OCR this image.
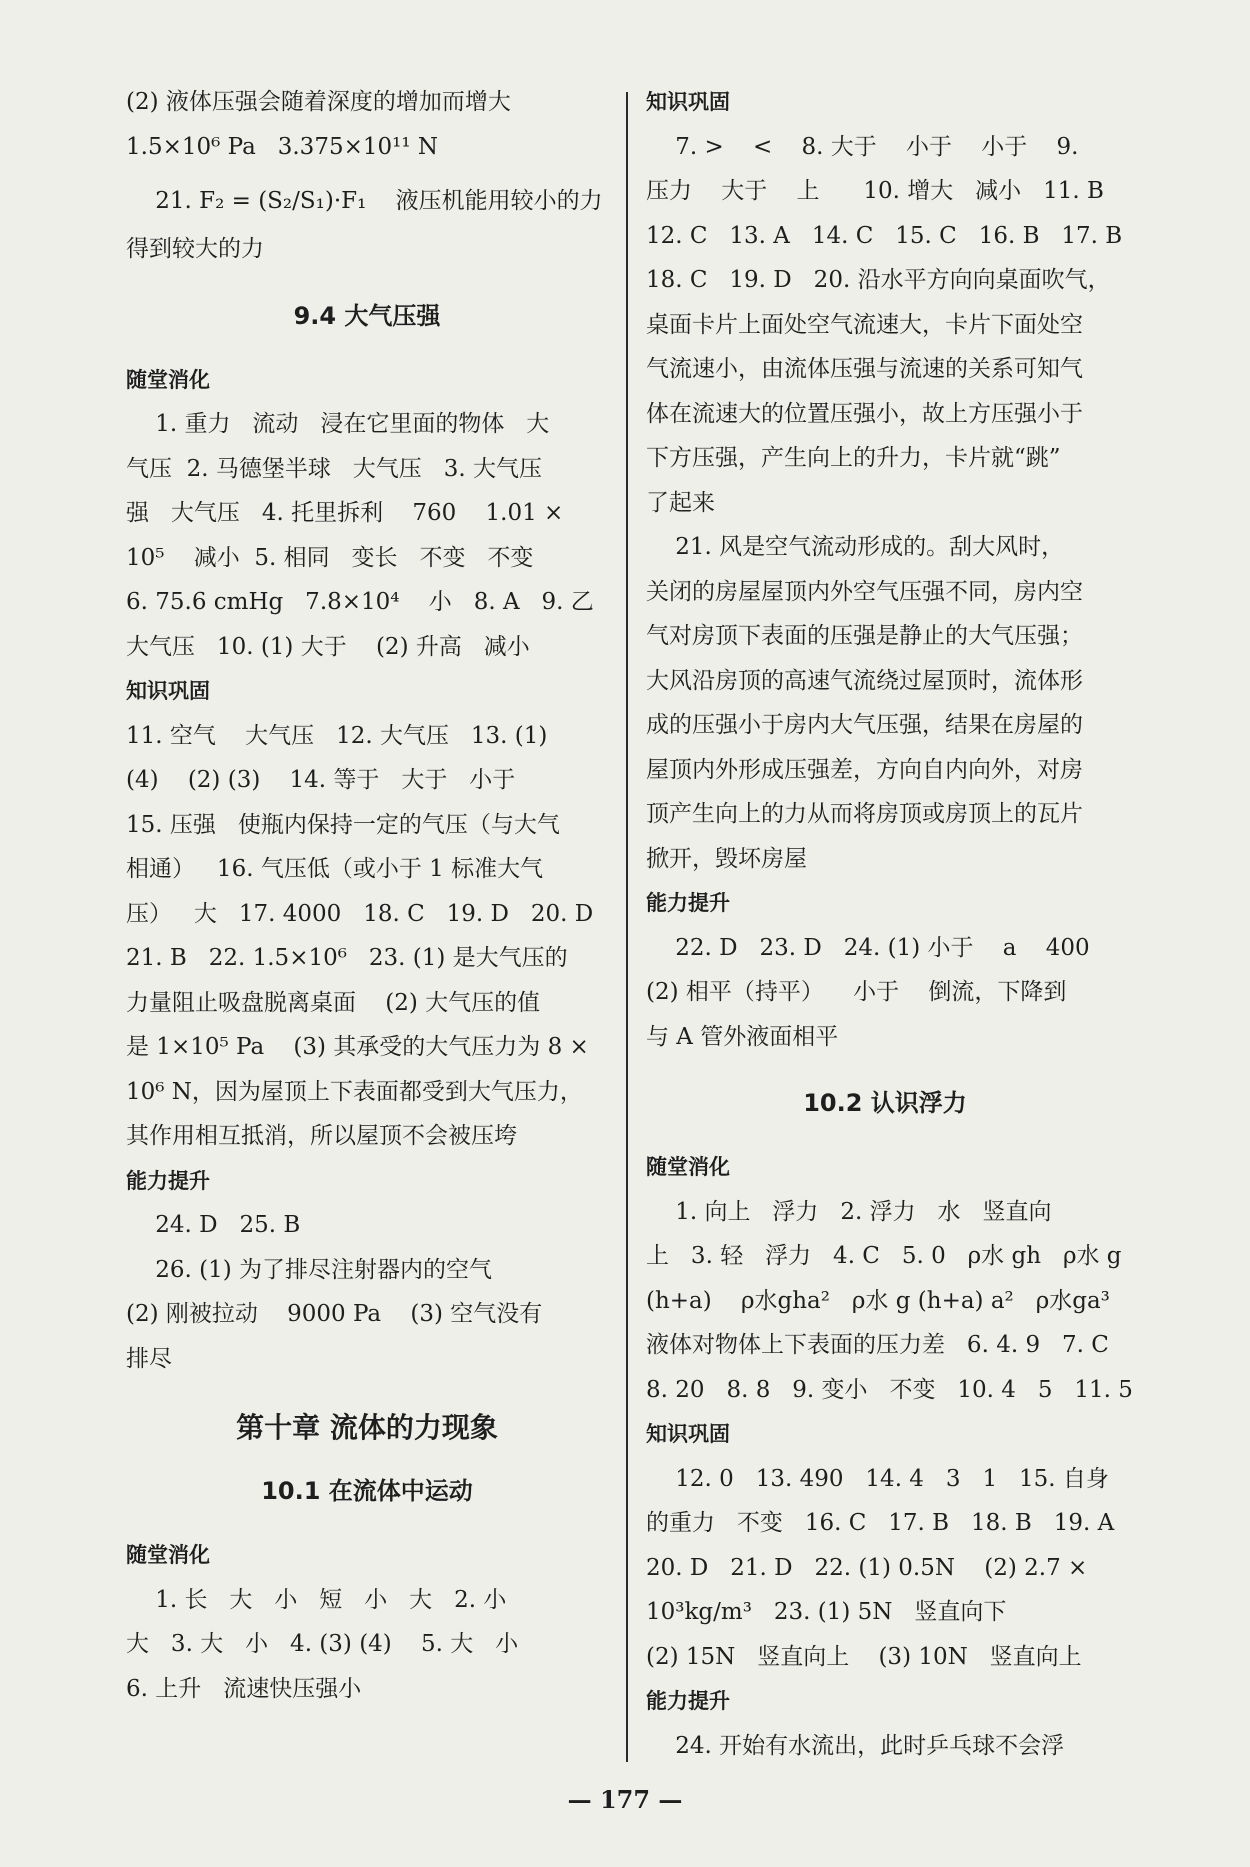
(2) 液体压强会随着深度的增加而增大
1.5×10⁶ Pa   3.375×10¹¹ N
21. F₂ = (S₂/S₁)·F₁    液压机能用较小的力
得到较大的力
9.4 大气压强
随堂消化
1. 重力   流动   浸在它里面的物体   大
气压  2. 马德堡半球   大气压   3. 大气压
强   大气压   4. 托里拆利    760    1.01 ×
10⁵    减小  5. 相同   变长   不变   不变
6. 75.6 cmHg   7.8×10⁴    小   8. A   9. 乙
大气压   10. (1) 大于    (2) 升高   减小
知识巩固
11. 空气    大气压   12. 大气压   13. (1)
(4)    (2) (3)    14. 等于   大于   小于
15. 压强   使瓶内保持一定的气压（与大气
相通）   16. 气压低（或小于 1 标准大气
压）   大   17. 4000   18. C   19. D   20. D
21. B   22. 1.5×10⁶   23. (1) 是大气压的
力量阻止吸盘脱离桌面    (2) 大气压的值
是 1×10⁵ Pa    (3) 其承受的大气压力为 8 ×
10⁶ N，因为屋顶上下表面都受到大气压力，
其作用相互抵消，所以屋顶不会被压垮
能力提升
24. D   25. B
26. (1) 为了排尽注射器内的空气
(2) 刚被拉动    9000 Pa    (3) 空气没有
排尽
第十章 流体的力现象
10.1 在流体中运动
随堂消化
1. 长   大   小   短   小   大   2. 小
大   3. 大   小   4. (3) (4)    5. 大   小
6. 上升   流速快压强小
知识巩固
7. >    <    8. 大于    小于    小于    9.
压力    大于    上      10. 增大   减小   11. B
12. C   13. A   14. C   15. C   16. B   17. B
18. C   19. D   20. 沿水平方向向桌面吹气，
桌面卡片上面处空气流速大，卡片下面处空
气流速小，由流体压强与流速的关系可知气
体在流速大的位置压强小，故上方压强小于
下方压强，产生向上的升力，卡片就“跳”
了起来
21. 风是空气流动形成的。刮大风时，
关闭的房屋屋顶内外空气压强不同，房内空
气对房顶下表面的压强是静止的大气压强；
大风沿房顶的高速气流绕过屋顶时，流体形
成的压强小于房内大气压强，结果在房屋的
屋顶内外形成压强差，方向自内向外，对房
顶产生向上的力从而将房顶或房顶上的瓦片
掀开，毁坏房屋
能力提升
22. D   23. D   24. (1) 小于    a    400
(2) 相平（持平）    小于    倒流，下降到
与 A 管外液面相平
10.2 认识浮力
随堂消化
1. 向上   浮力   2. 浮力   水   竖直向
上   3. 轻   浮力   4. C   5. 0   ρ水 gh   ρ水 g
(h+a)    ρ水gha²   ρ水 g (h+a) a²   ρ水ga³
液体对物体上下表面的压力差   6. 4. 9   7. C
8. 20   8. 8   9. 变小   不变   10. 4   5   11. 5
知识巩固
12. 0   13. 490   14. 4   3   1   15. 自身
的重力   不变   16. C   17. B   18. B   19. A
20. D   21. D   22. (1) 0.5N    (2) 2.7 ×
10³kg/m³   23. (1) 5N   竖直向下
(2) 15N   竖直向上    (3) 10N   竖直向上
能力提升
24. 开始有水流出，此时乒乓球不会浮
— 177 —
